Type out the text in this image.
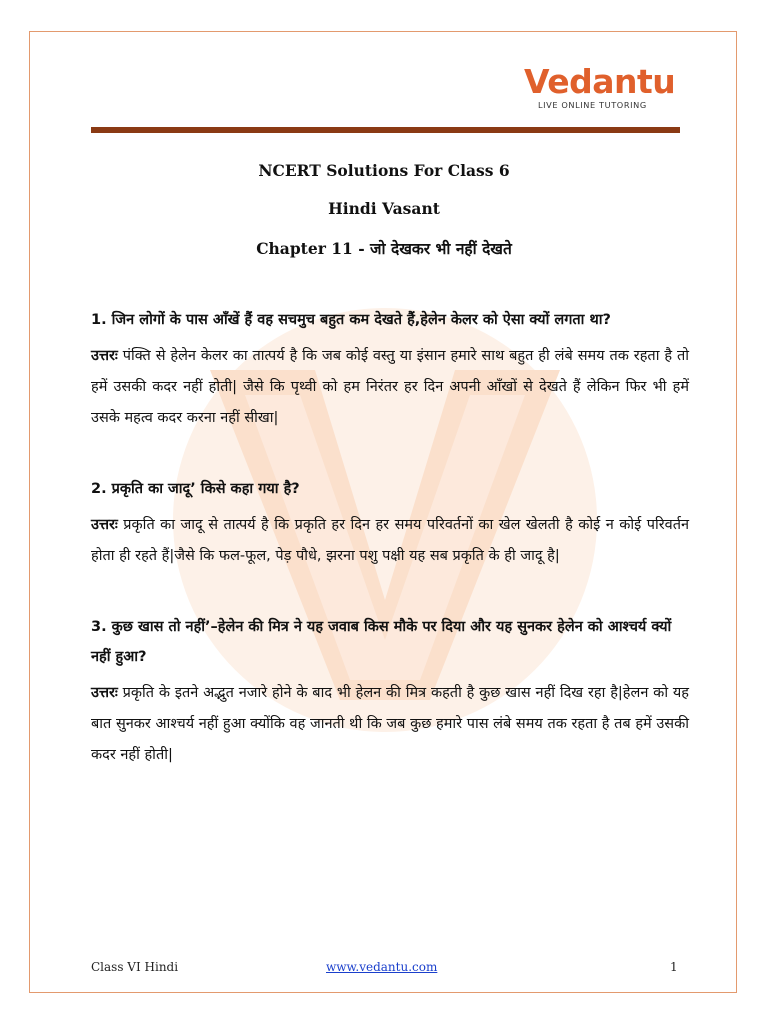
Vedantu
LIVE ONLINE TUTORING
NCERT Solutions For Class 6
Hindi Vasant
Chapter 11 - जो देखकर भी नहीं देखते

1. जिन लोगों के पास आँखें हैं वह सचमुच बहुत कम देखते हैं,हेलेन केलर को ऐसा क्यों लगता था?

उत्तरः पंक्ति से हेलेन केलर का तात्पर्य है कि जब कोई वस्तु या इंसान हमारे साथ बहुत ही लंबे समय तक रहता है तो हमें उसकी कदर नहीं होती| जैसे कि पृथ्वी को हम निरंतर हर दिन अपनी आँखों से देखते हैं लेकिन फिर भी हमें उसके महत्व कदर करना नहीं सीखा|

2. प्रकृति का जादू’ किसे कहा गया है?

उत्तरः प्रकृति का जादू से तात्पर्य है कि प्रकृति हर दिन हर समय परिवर्तनों का खेल खेलती है कोई न कोई परिवर्तन होता ही रहते हैं|जैसे कि फल-फूल, पेड़ पौधे, झरना पशु पक्षी यह सब प्रकृति के ही जादू है|

3. कुछ खास तो नहीं’–हेलेन की मित्र ने यह जवाब किस मौके पर दिया और यह सुनकर हेलेन को आश्चर्य क्यों नहीं हुआ?

उत्तरः प्रकृति के इतने अद्भुत नजारे होने के बाद भी हेलन की मित्र कहती है कुछ खास नहीं दिख रहा है|हेलन को यह बात सुनकर आश्चर्य नहीं हुआ क्योंकि वह जानती थी कि जब कुछ हमारे पास लंबे समय तक रहता है तब हमें उसकी कदर नहीं होती|

Class VI Hindi	www.vedantu.com	1
